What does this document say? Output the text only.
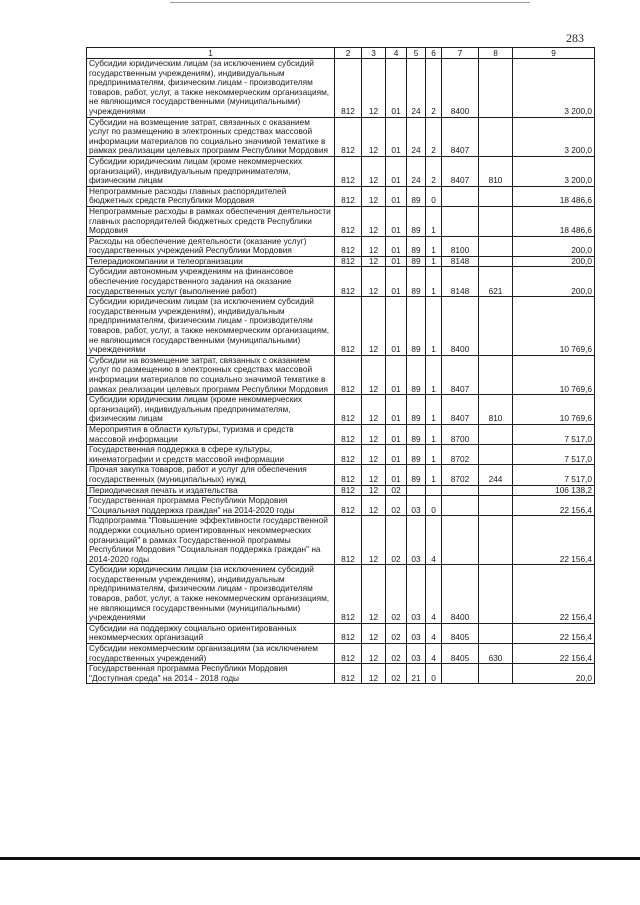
283
1	2	3	4	5	6	7	8	9
Субсидии юридическим лицам (за исключением субсидий государственным учреждениям), индивидуальным предпринимателям, физическим лицам - производителям товаров, работ, услуг, а также некоммерческим организациям, не являющимся государственными (муниципальными) учреждениями	812	12	01	24	2	8400		3 200,0
Субсидии на возмещение затрат, связанных с оказанием услуг по размещению в электронных средствах массовой информации материалов по социально значимой тематике в рамках реализации целевых программ Республики Мордовия	812	12	01	24	2	8407		3 200,0
Субсидии юридическим лицам (кроме некоммерческих организаций), индивидуальным предпринимателям, физическим лицам	812	12	01	24	2	8407	810	3 200,0
Непрограммные расходы главных распорядителей бюджетных средств Республики Мордовия	812	12	01	89	0			18 486,6
Непрограммные расходы в рамках обеспечения деятельности главных распорядителей бюджетных средств Республики Мордовия	812	12	01	89	1			18 486,6
Расходы на обеспечение деятельности (оказание услуг) государственных учреждений Республики Мордовия	812	12	01	89	1	8100		200,0
Телерадиокомпании и телеорганизации	812	12	01	89	1	8148		200,0
Субсидии автономным учреждениям на финансовое обеспечение государственного задания на оказание государственных услуг (выполнение работ)	812	12	01	89	1	8148	621	200,0
Субсидии юридическим лицам (за исключением субсидий государственным учреждениям), индивидуальным предпринимателям, физическим лицам - производителям товаров, работ, услуг, а также некоммерческим организациям, не являющимся государственными (муниципальными) учреждениями	812	12	01	89	1	8400		10 769,6
Субсидии на возмещение затрат, связанных с оказанием услуг по размещению в электронных средствах массовой информации материалов по социально значимой тематике в рамках реализации целевых программ Республики Мордовия	812	12	01	89	1	8407		10 769,6
Субсидии юридическим лицам (кроме некоммерческих организаций), индивидуальным предпринимателям, физическим лицам	812	12	01	89	1	8407	810	10 769,6
Мероприятия в области культуры, туризма и средств массовой информации	812	12	01	89	1	8700		7 517,0
Государственная поддержка в сфере культуры, кинематографии и средств массовой информации	812	12	01	89	1	8702		7 517,0
Прочая закупка товаров, работ и услуг для обеспечения государственных (муниципальных) нужд	812	12	01	89	1	8702	244	7 517,0
Периодическая печать и издательства	812	12	02					106 138,2
Государственная программа Республики Мордовия "Социальная поддержка граждан" на 2014-2020 годы	812	12	02	03	0			22 156,4
Подпрограмма "Повышение эффективности государственной поддержки социально ориентированных некоммерческих организаций" в рамках Государственной программы Республики Мордовия "Социальная поддержка граждан" на 2014-2020 годы	812	12	02	03	4			22 156,4
Субсидии юридическим лицам (за исключением субсидий государственным учреждениям), индивидуальным предпринимателям, физическим лицам - производителям товаров, работ, услуг, а также некоммерческим организациям, не являющимся государственными (муниципальными) учреждениями	812	12	02	03	4	8400		22 156,4
Субсидии на поддержку социально ориентированных некоммерческих организаций	812	12	02	03	4	8405		22 156,4
Субсидии некоммерческим организациям (за исключением государственных учреждений)	812	12	02	03	4	8405	630	22 156,4
Государственная программа Республики Мордовия "Доступная среда" на 2014 - 2018 годы	812	12	02	21	0			20,0
